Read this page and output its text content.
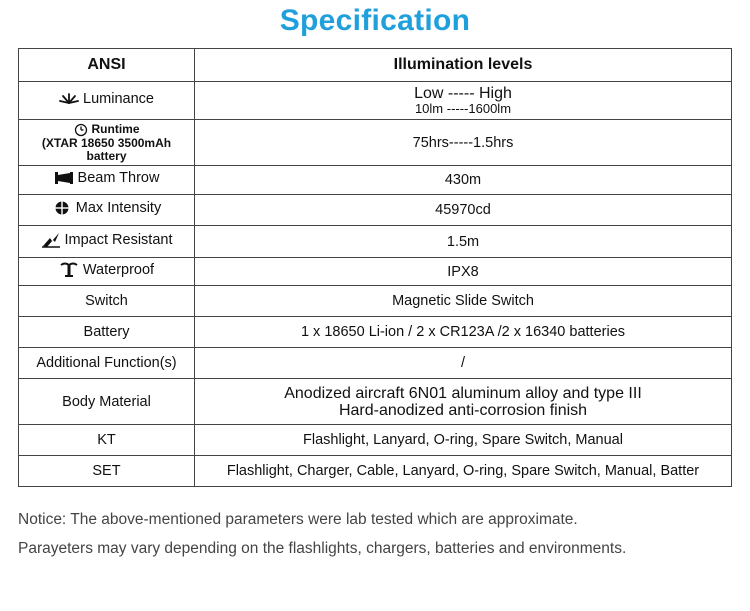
Specification
ANSI	Illumination levels

Luminance	Low ----- High
10lm -----1600lm

Runtime
(XTAR 18650 3500mAh
battery	75hrs-----1.5hrs

Beam Throw	430m

Max Intensity	45970cd

Impact Resistant	1.5m

Waterproof	IPX8
Switch	Magnetic Slide Switch
Battery	1 x 18650 Li-ion / 2 x CR123A /2 x 16340 batteries
Additional Function(s)	/
Body Material	Anodized aircraft 6N01 aluminum alloy and type III
Hard-anodized anti-corrosion finish

KT	Flashlight, Lanyard, O-ring, Spare Switch, Manual
SET	Flashlight, Charger, Cable, Lanyard, O-ring, Spare Switch, Manual, Batter
Notice: The above-mentioned parameters were lab tested which are approximate.
Parayeters may vary depending on the flashlights, chargers, batteries and environments.
